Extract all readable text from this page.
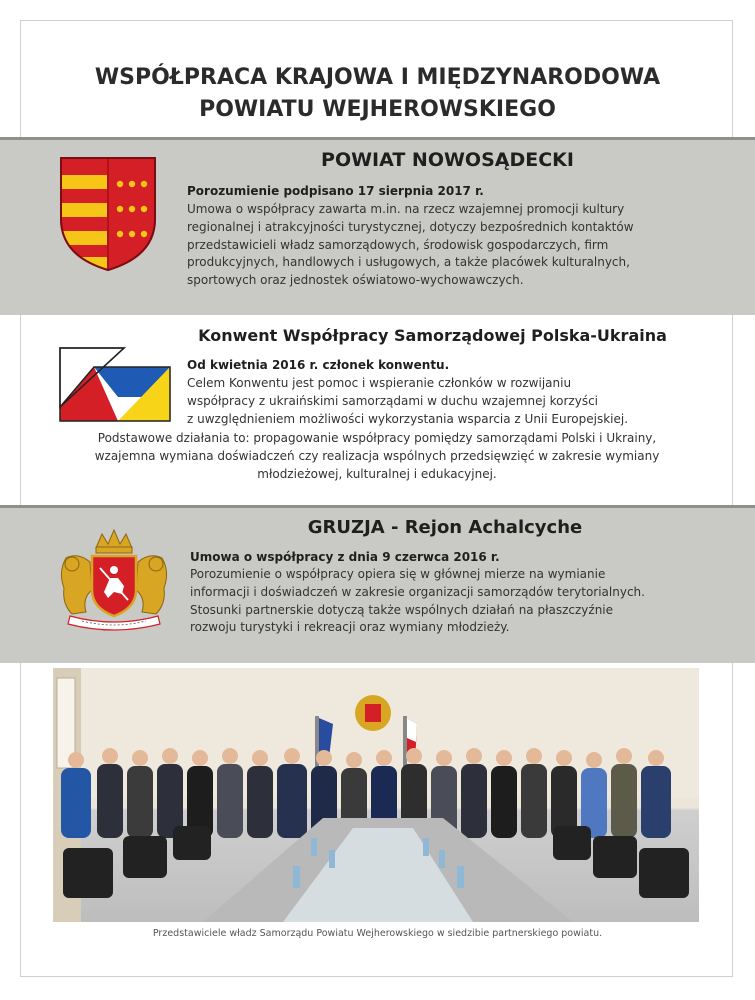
WSPÓŁPRACA KRAJOWA I MIĘDZYNARODOWA
POWIATU WEJHEROWSKIEGO
POWIAT NOWOSĄDECKI
Porozumienie podpisano 17 sierpnia 2017 r.
Umowa o współpracy zawarta m.in. na rzecz wzajemnej promocji kultury
regionalnej i atrakcyjności turystycznej, dotyczy bezpośrednich kontaktów
przedstawicieli władz samorządowych, środowisk gospodarczych, firm
produkcyjnych, handlowych i usługowych, a także placówek kulturalnych,
sportowych oraz jednostek oświatowo-wychowawczych.
Konwent Współpracy Samorządowej Polska-Ukraina
Od kwietnia 2016 r. członek konwentu.
Celem Konwentu jest pomoc i wspieranie członków w rozwijaniu
współpracy z ukraińskimi samorządami w duchu wzajemnej korzyści
z uwzględnieniem możliwości wykorzystania wsparcia z Unii Europejskiej.
Podstawowe działania to: propagowanie współpracy pomiędzy samorządami Polski i Ukrainy,
wzajemna wymiana doświadczeń czy realizacja wspólnych przedsięwzięć w zakresie wymiany
młodzieżowej, kulturalnej i edukacyjnej.
GRUZJA - Rejon Achalcyche
Umowa o współpracy z dnia 9 czerwca 2016 r.
Porozumienie o współpracy opiera się w głównej mierze na wymianie
informacji i doświadczeń w zakresie organizacji samorządów terytorialnych.
Stosunki partnerskie dotyczą także wspólnych działań na płaszczyźnie
rozwoju turystyki i rekreacji oraz wymiany młodzieży.
Przedstawiciele władz Samorządu Powiatu Wejherowskiego w siedzibie partnerskiego powiatu.
